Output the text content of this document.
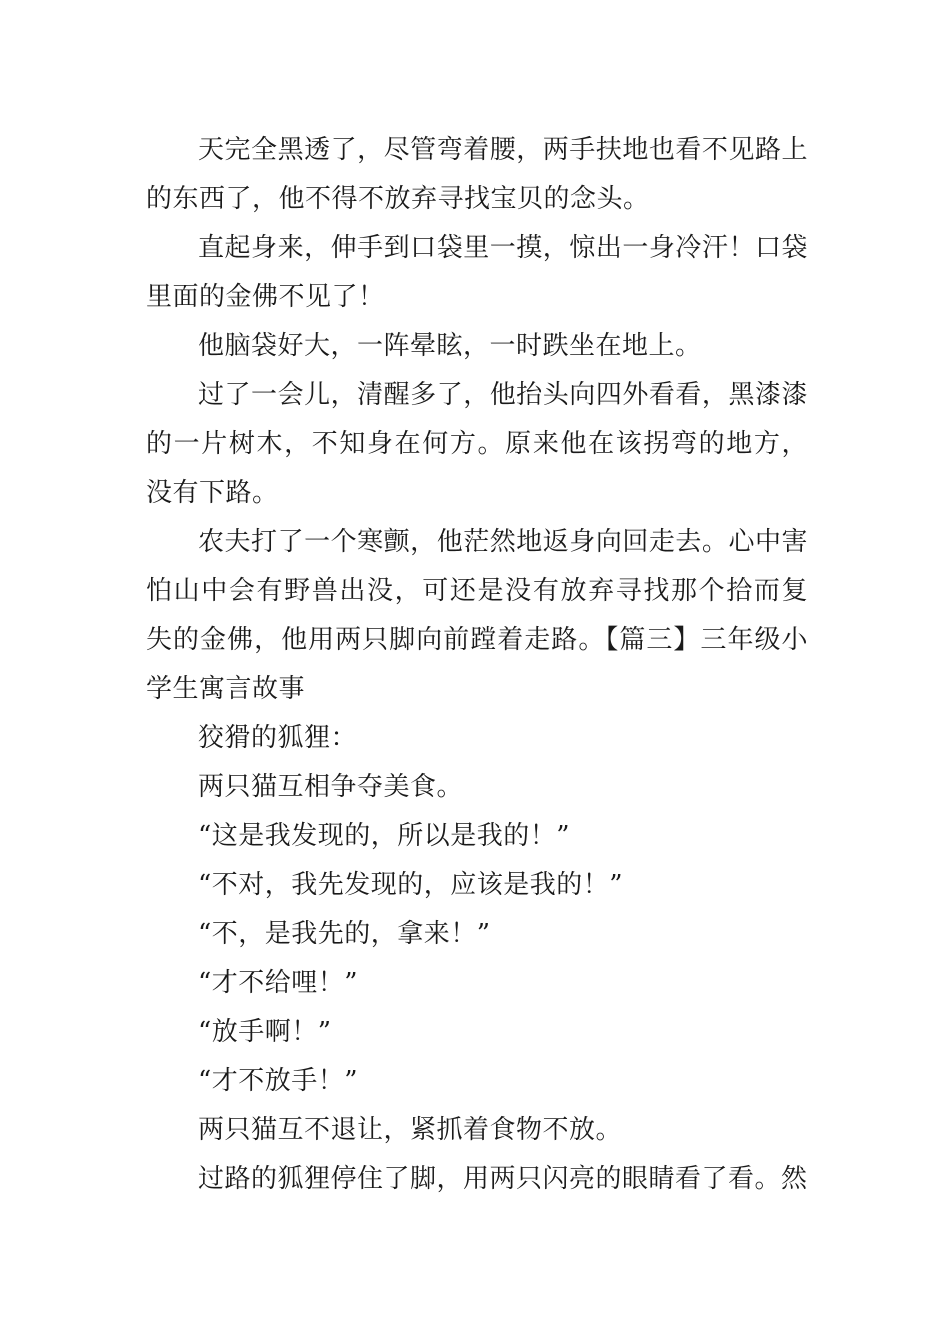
天完全黑透了，尽管弯着腰，两手扶地也看不见路上的东西了，他不得不放弃寻找宝贝的念头。

直起身来，伸手到口袋里一摸，惊出一身冷汗！口袋里面的金佛不见了！

他脑袋好大，一阵晕眩，一时跌坐在地上。

过了一会儿，清醒多了，他抬头向四外看看，黑漆漆的一片树木，不知身在何方。原来他在该拐弯的地方，没有下路。

农夫打了一个寒颤，他茫然地返身向回走去。心中害怕山中会有野兽出没，可还是没有放弃寻找那个拾而复失的金佛，他用两只脚向前蹚着走路。【篇三】三年级小学生寓言故事

狡猾的狐狸：

两只猫互相争夺美食。

“这是我发现的，所以是我的！”

“不对，我先发现的，应该是我的！”

“不，是我先的，拿来！”

“才不给哩！”

“放手啊！”

“才不放手！”

两只猫互不退让，紧抓着食物不放。

过路的狐狸停住了脚，用两只闪亮的眼睛看了看。然
